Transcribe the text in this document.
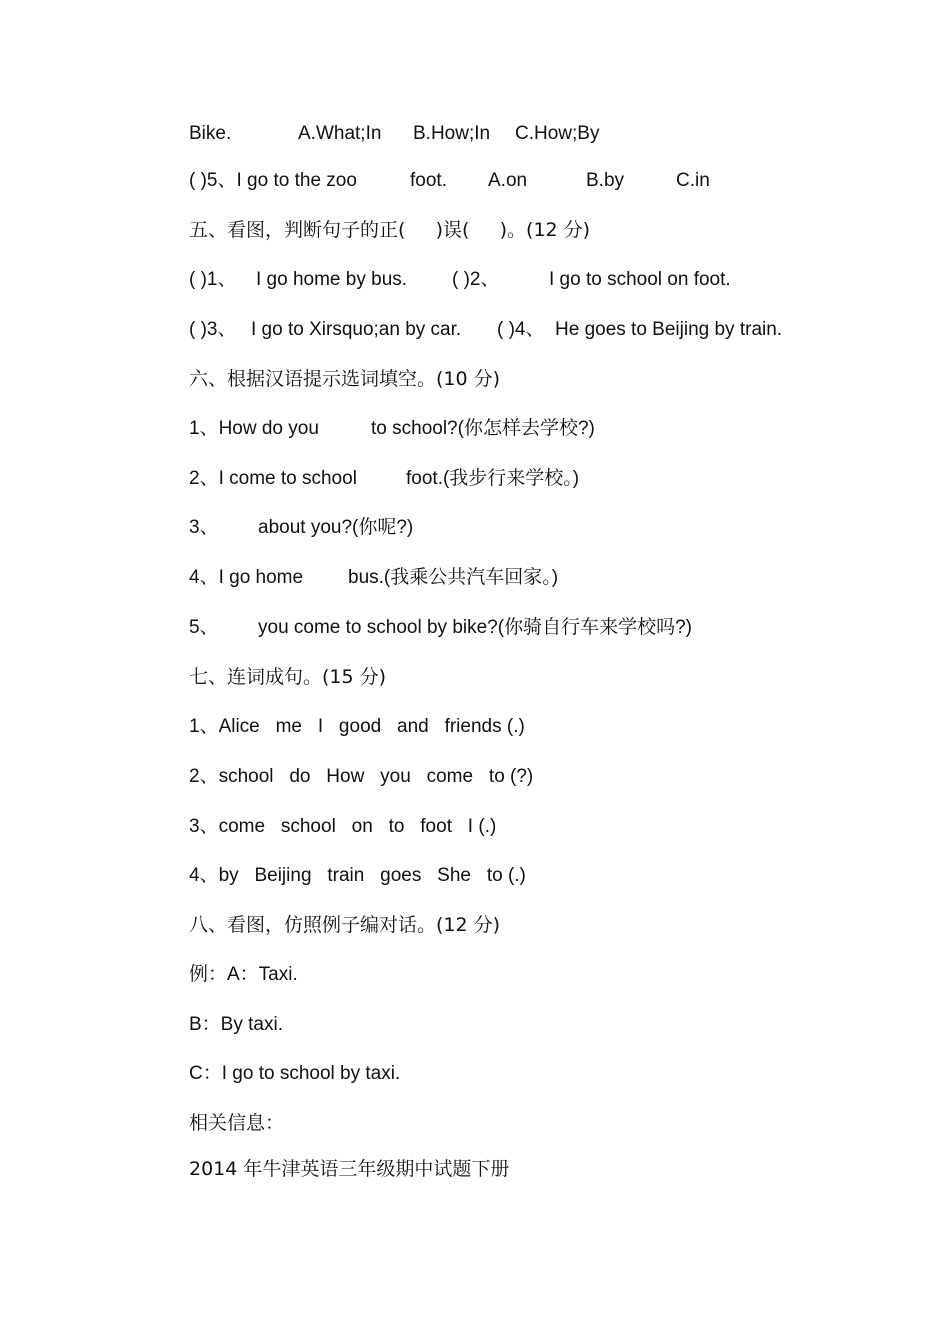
Bike.

	A.What;In

B.How;In

C.How;By

( )5、I go to the zoo

	foot.

A.on

	B.by

	C.in

五、看图，判断句子的正(     )误(     )。(12 分)

( )1、

I go home by bus.

( )2、

	I go to school on foot.

( )3、

I go to Xirsquo;an by car.

( )4、

He goes to Beijing by train.

六、根据汉语提示选词填空。(10 分)

1、How do you

	to school?(你怎样去学校?)

2、I come to school

	foot.(我步行来学校。)

3、

about you?(你呢?)

4、I go home

bus.(我乘公共汽车回家。)

5、

you come to school by bike?(你骑自行车来学校吗?)

七、连词成句。(15 分)
1、Alice   me   I   good   and   friends (.)
2、school   do   How   you   come   to (?)
3、come   school   on   to   foot   I (.)
4、by   Beijing   train   goes   She   to (.)
八、看图，仿照例子编对话。(12 分)
例：A：Taxi.
B：By taxi.
C：I go to school by taxi.
相关信息：
2014 年牛津英语三年级期中试题下册
